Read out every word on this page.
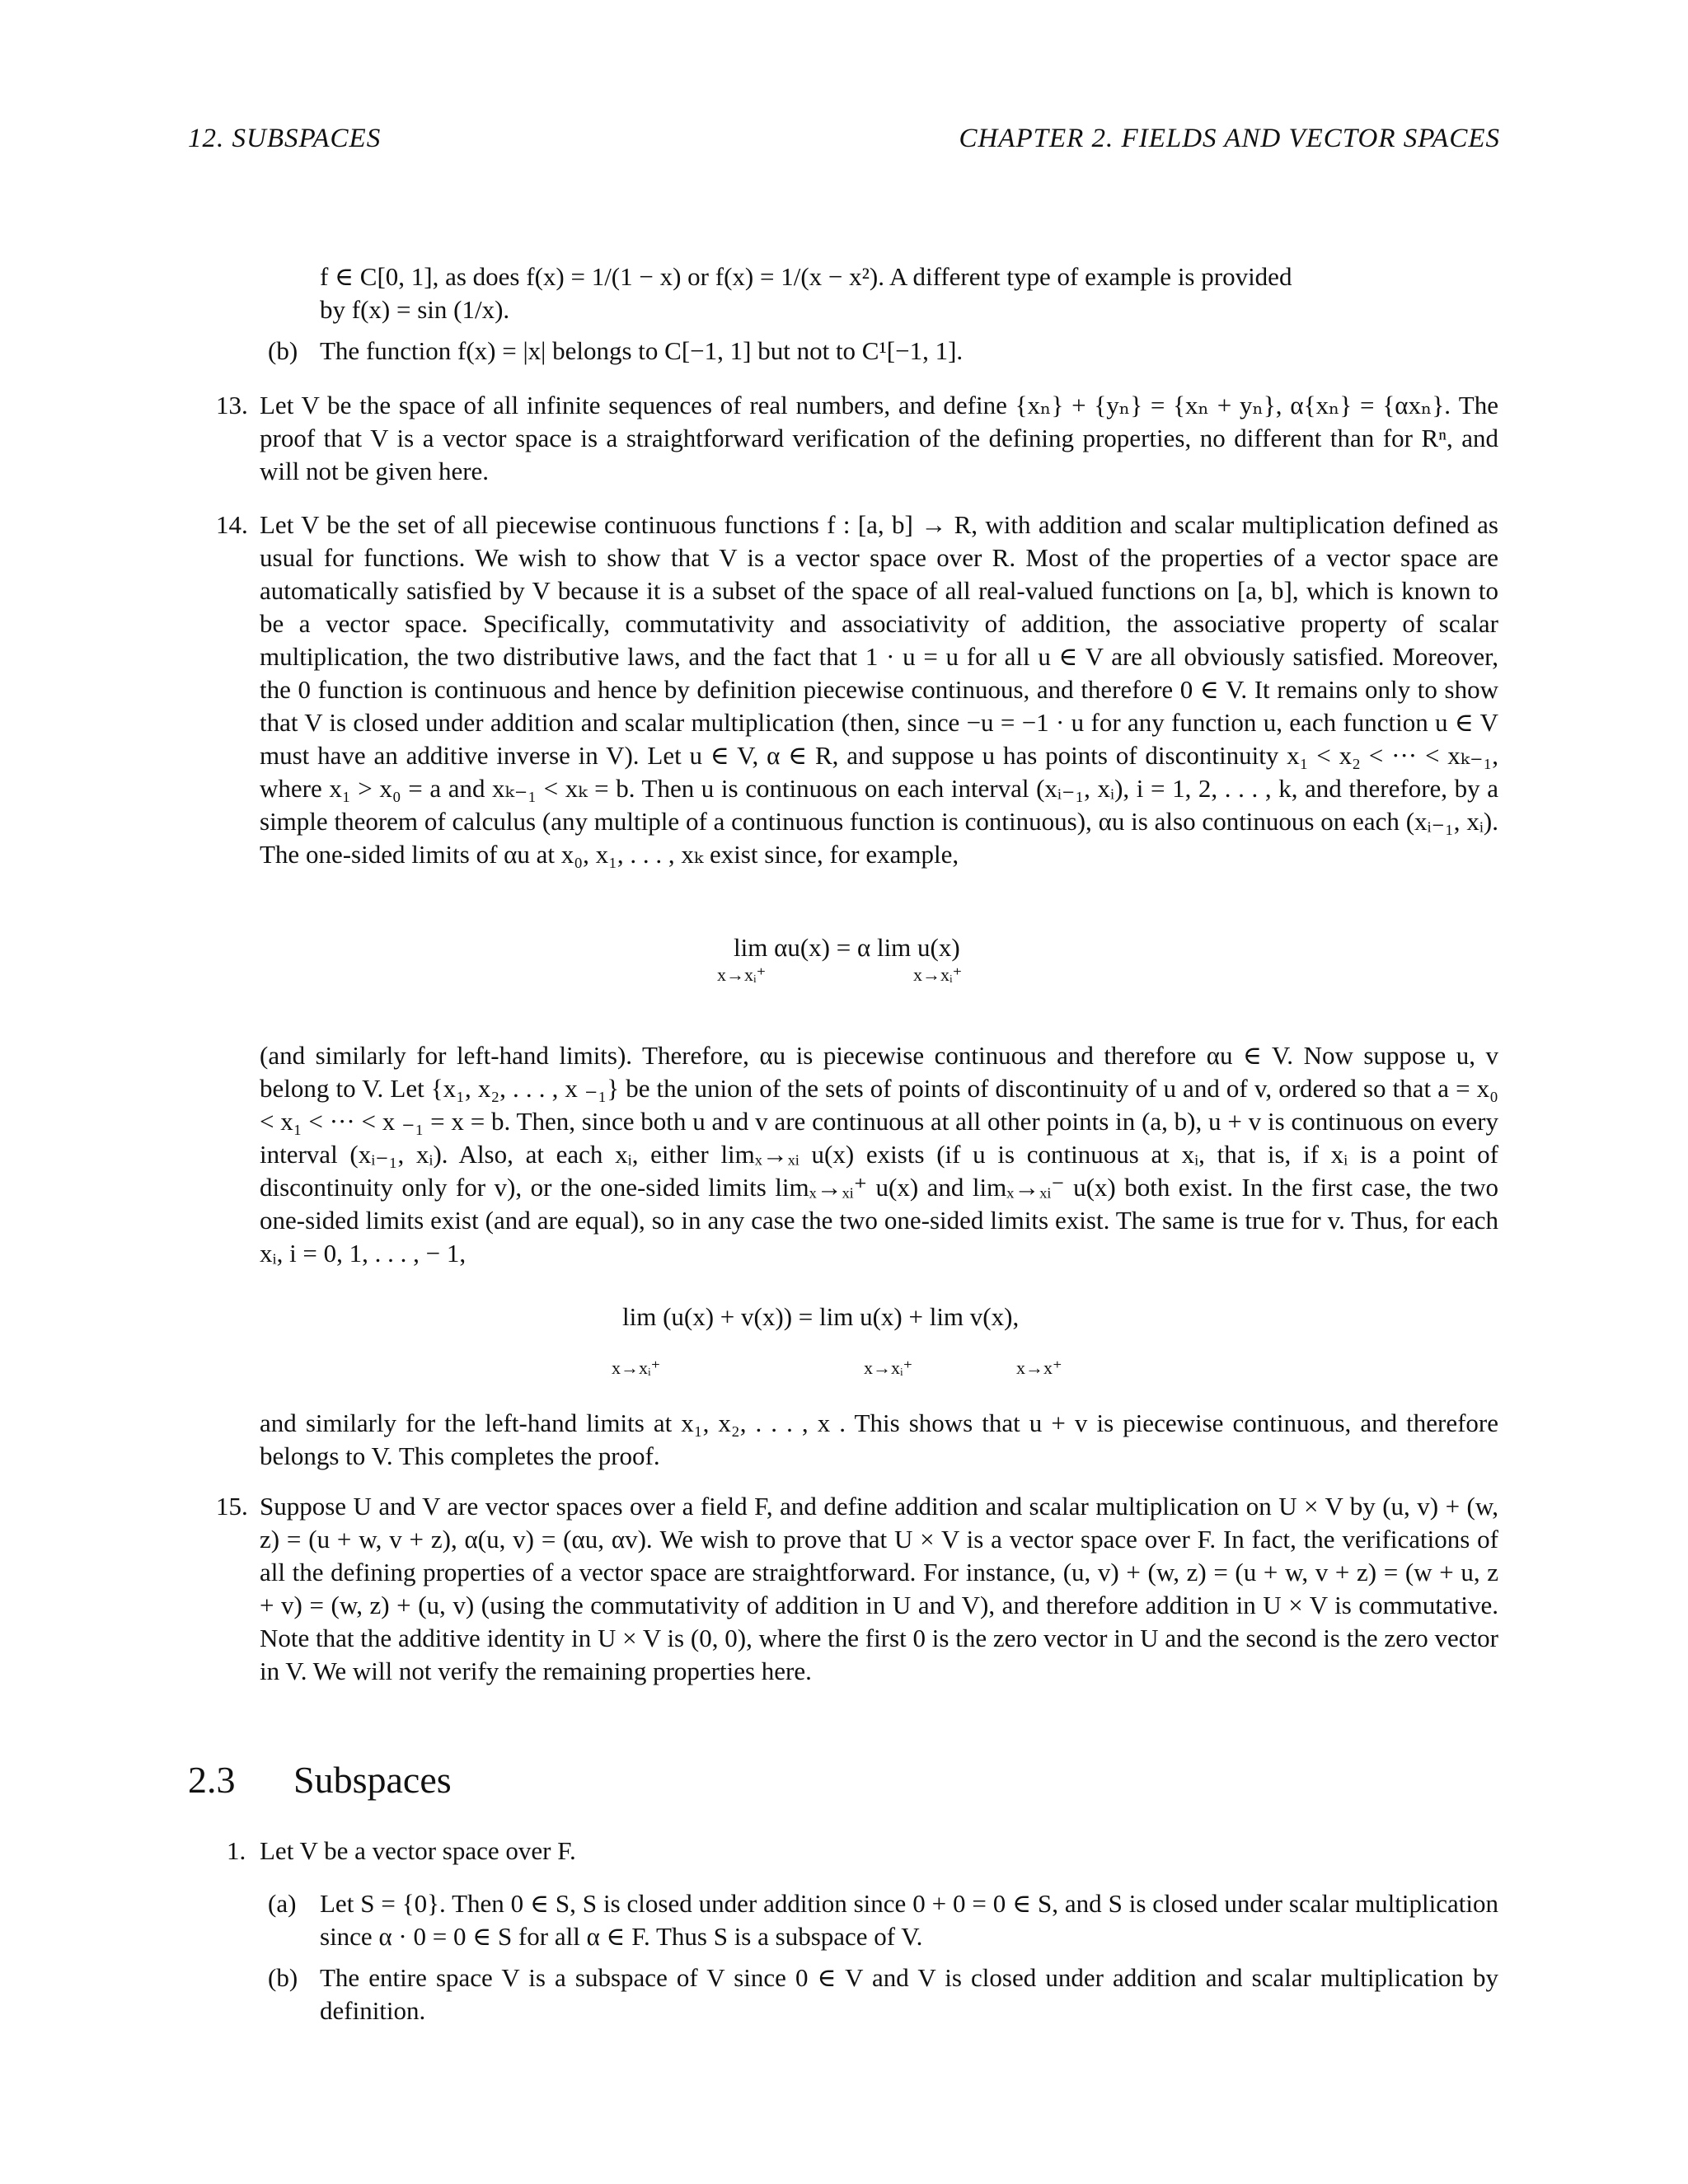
12. SUBSPACES	CHAPTER 2. FIELDS AND VECTOR SPACES

f ∈ C[0, 1], as does f(x) = 1/(1 − x) or f(x) = 1/(x − x²). A different type of example is provided

by f(x) = sin (1/x).

(b) The function f(x) = |x| belongs to C[−1, 1] but not to C¹[−1, 1].

13. Let V be the space of all infinite sequences of real numbers, and define {xₙ} + {yₙ} = {xₙ + yₙ}, α{xₙ} = {αxₙ}. The proof that V is a vector space is a straightforward verification of the defining properties, no different than for Rⁿ, and will not be given here.

14. Let V be the set of all piecewise continuous functions f : [a, b] → R, with addition and scalar multiplication defined as usual for functions. We wish to show that V is a vector space over R. Most of the properties of a vector space are automatically satisfied by V because it is a subset of the space of all real-valued functions on [a, b], which is known to be a vector space. Specifically, commutativity and associativity of addition, the associative property of scalar multiplication, the two distributive laws, and the fact that 1 · u = u for all u ∈ V are all obviously satisfied. Moreover, the 0 function is continuous and hence by definition piecewise continuous, and therefore 0 ∈ V. It remains only to show that V is closed under addition and scalar multiplication (then, since −u = −1 · u for any function u, each function u ∈ V must have an additive inverse in V). Let u ∈ V, α ∈ R, and suppose u has points of discontinuity x₁ < x₂ < ··· < xₖ₋₁, where x₁ > x₀ = a and xₖ₋₁ < xₖ = b. Then u is continuous on each interval (xᵢ₋₁, xᵢ), i = 1, 2, . . . , k, and therefore, by a simple theorem of calculus (any multiple of a continuous function is continuous), αu is also continuous on each (xᵢ₋₁, xᵢ). The one-sided limits of αu at x₀, x₁, . . . , xₖ exist since, for example,

lim αu(x) = α lim u(x)
x→xᵢ⁺	x→xᵢ⁺

(and similarly for left-hand limits). Therefore, αu is piecewise continuous and therefore αu ∈ V. Now suppose u, v belong to V. Let {x₁, x₂, . . . , x ₋₁} be the union of the sets of points of discontinuity of u and of v, ordered so that a = x₀ < x₁ < ··· < x ₋₁ = x = b. Then, since both u and v are continuous at all other points in (a, b), u + v is continuous on every interval (xᵢ₋₁, xᵢ). Also, at each xᵢ, either limₓ→ₓᵢ u(x) exists (if u is continuous at xᵢ, that is, if xᵢ is a point of discontinuity only for v), or the one-sided limits limₓ→ₓᵢ⁺ u(x) and limₓ→ₓᵢ⁻ u(x) both exist. In the first case, the two one-sided limits exist (and are equal), so in any case the two one-sided limits exist. The same is true for v. Thus, for each xᵢ, i = 0, 1, . . . , − 1,

lim (u(x) + v(x)) = lim u(x) + lim v(x),
x→xᵢ⁺	x→xᵢ⁺	x→x⁺

and similarly for the left-hand limits at x₁, x₂, . . . , x . This shows that u + v is piecewise continuous, and therefore belongs to V. This completes the proof.

15. Suppose U and V are vector spaces over a field F, and define addition and scalar multiplication on U × V by (u, v) + (w, z) = (u + w, v + z), α(u, v) = (αu, αv). We wish to prove that U × V is a vector space over F. In fact, the verifications of all the defining properties of a vector space are straightforward. For instance, (u, v) + (w, z) = (u + w, v + z) = (w + u, z + v) = (w, z) + (u, v) (using the commutativity of addition in U and V), and therefore addition in U × V is commutative. Note that the additive identity in U × V is (0, 0), where the first 0 is the zero vector in U and the second is the zero vector in V. We will not verify the remaining properties here.

2.3 Subspaces
1. Let V be a vector space over F.

(a) Let S = {0}. Then 0 ∈ S, S is closed under addition since 0 + 0 = 0 ∈ S, and S is closed under scalar multiplication since α · 0 = 0 ∈ S for all α ∈ F. Thus S is a subspace of V.

(b) The entire space V is a subspace of V since 0 ∈ V and V is closed under addition and scalar multiplication by definition.
